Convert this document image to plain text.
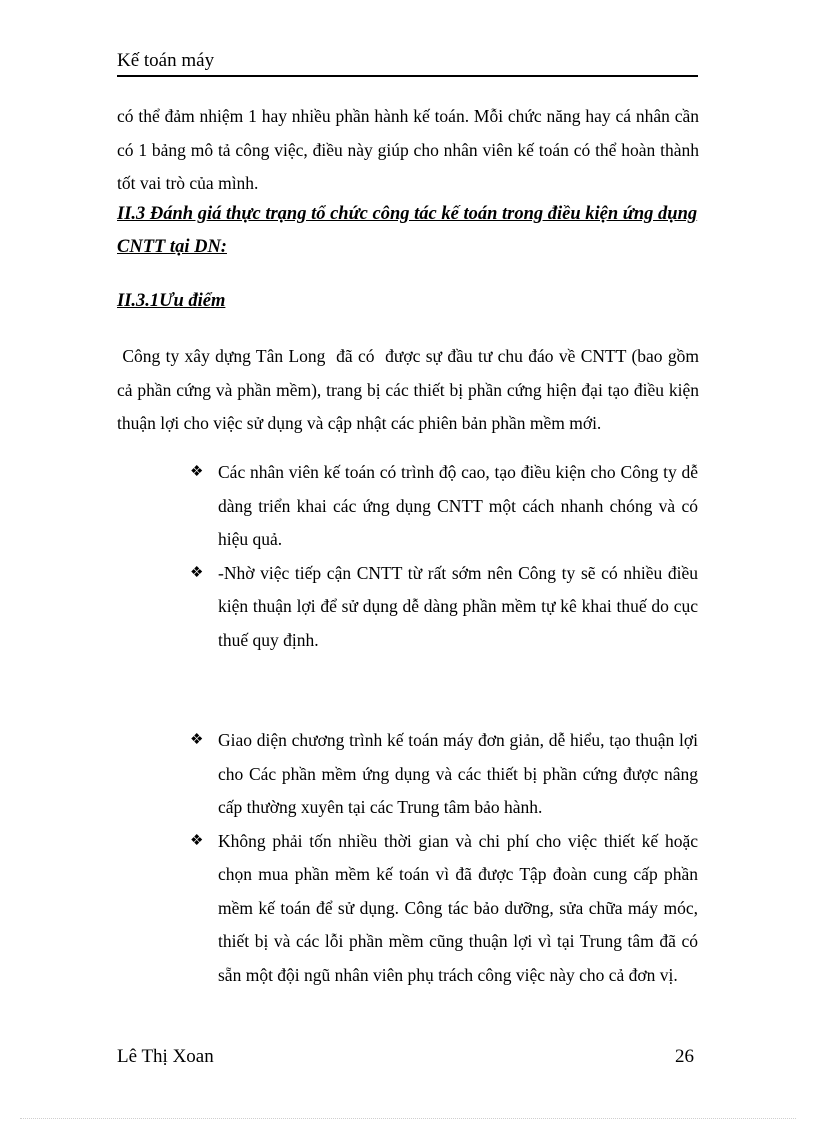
Kế toán máy
có thể đảm nhiệm 1 hay nhiều phần hành kế toán. Mỗi chức năng hay cá nhân cần có 1 bảng mô tả công việc, điều này giúp cho nhân viên kế toán có thể hoàn thành tốt vai trò của mình.
II.3 Đánh giá thực trạng tổ chức công tác kế toán trong điều kiện ứng dụng CNTT tại DN:
II.3.1Ưu điểm
Công ty xây dựng Tân Long  đã có  được sự đầu tư chu đáo về CNTT (bao gồm cả phần cứng và phần mềm), trang bị các thiết bị phần cứng hiện đại tạo điều kiện thuận lợi cho việc sử dụng và cập nhật các phiên bản phần mềm mới.
❖ Các nhân viên kế toán có trình độ cao, tạo điều kiện cho Công ty dễ dàng triển khai các ứng dụng CNTT một cách nhanh chóng và có hiệu quả.
❖ -Nhờ việc tiếp cận CNTT từ rất sớm nên Công ty sẽ có nhiều điều kiện thuận lợi để sử dụng dễ dàng phần mềm tự kê khai thuế do cục thuế quy định.
❖ Giao diện chương trình kế toán máy đơn giản, dễ hiểu, tạo thuận lợi cho Các phần mềm ứng dụng và các thiết bị phần cứng được nâng cấp thường xuyên tại các Trung tâm bảo hành.
❖ Không phải tốn nhiều thời gian và chi phí cho việc thiết kế hoặc chọn mua phần mềm kế toán vì đã được Tập đoàn cung cấp phần mềm kế toán để sử dụng. Công tác bảo dưỡng, sửa chữa máy móc, thiết bị và các lỗi phần mềm cũng thuận lợi vì tại Trung tâm đã có sẵn một đội ngũ nhân viên phụ trách công việc này cho cả đơn vị.
Lê Thị Xoan	26
